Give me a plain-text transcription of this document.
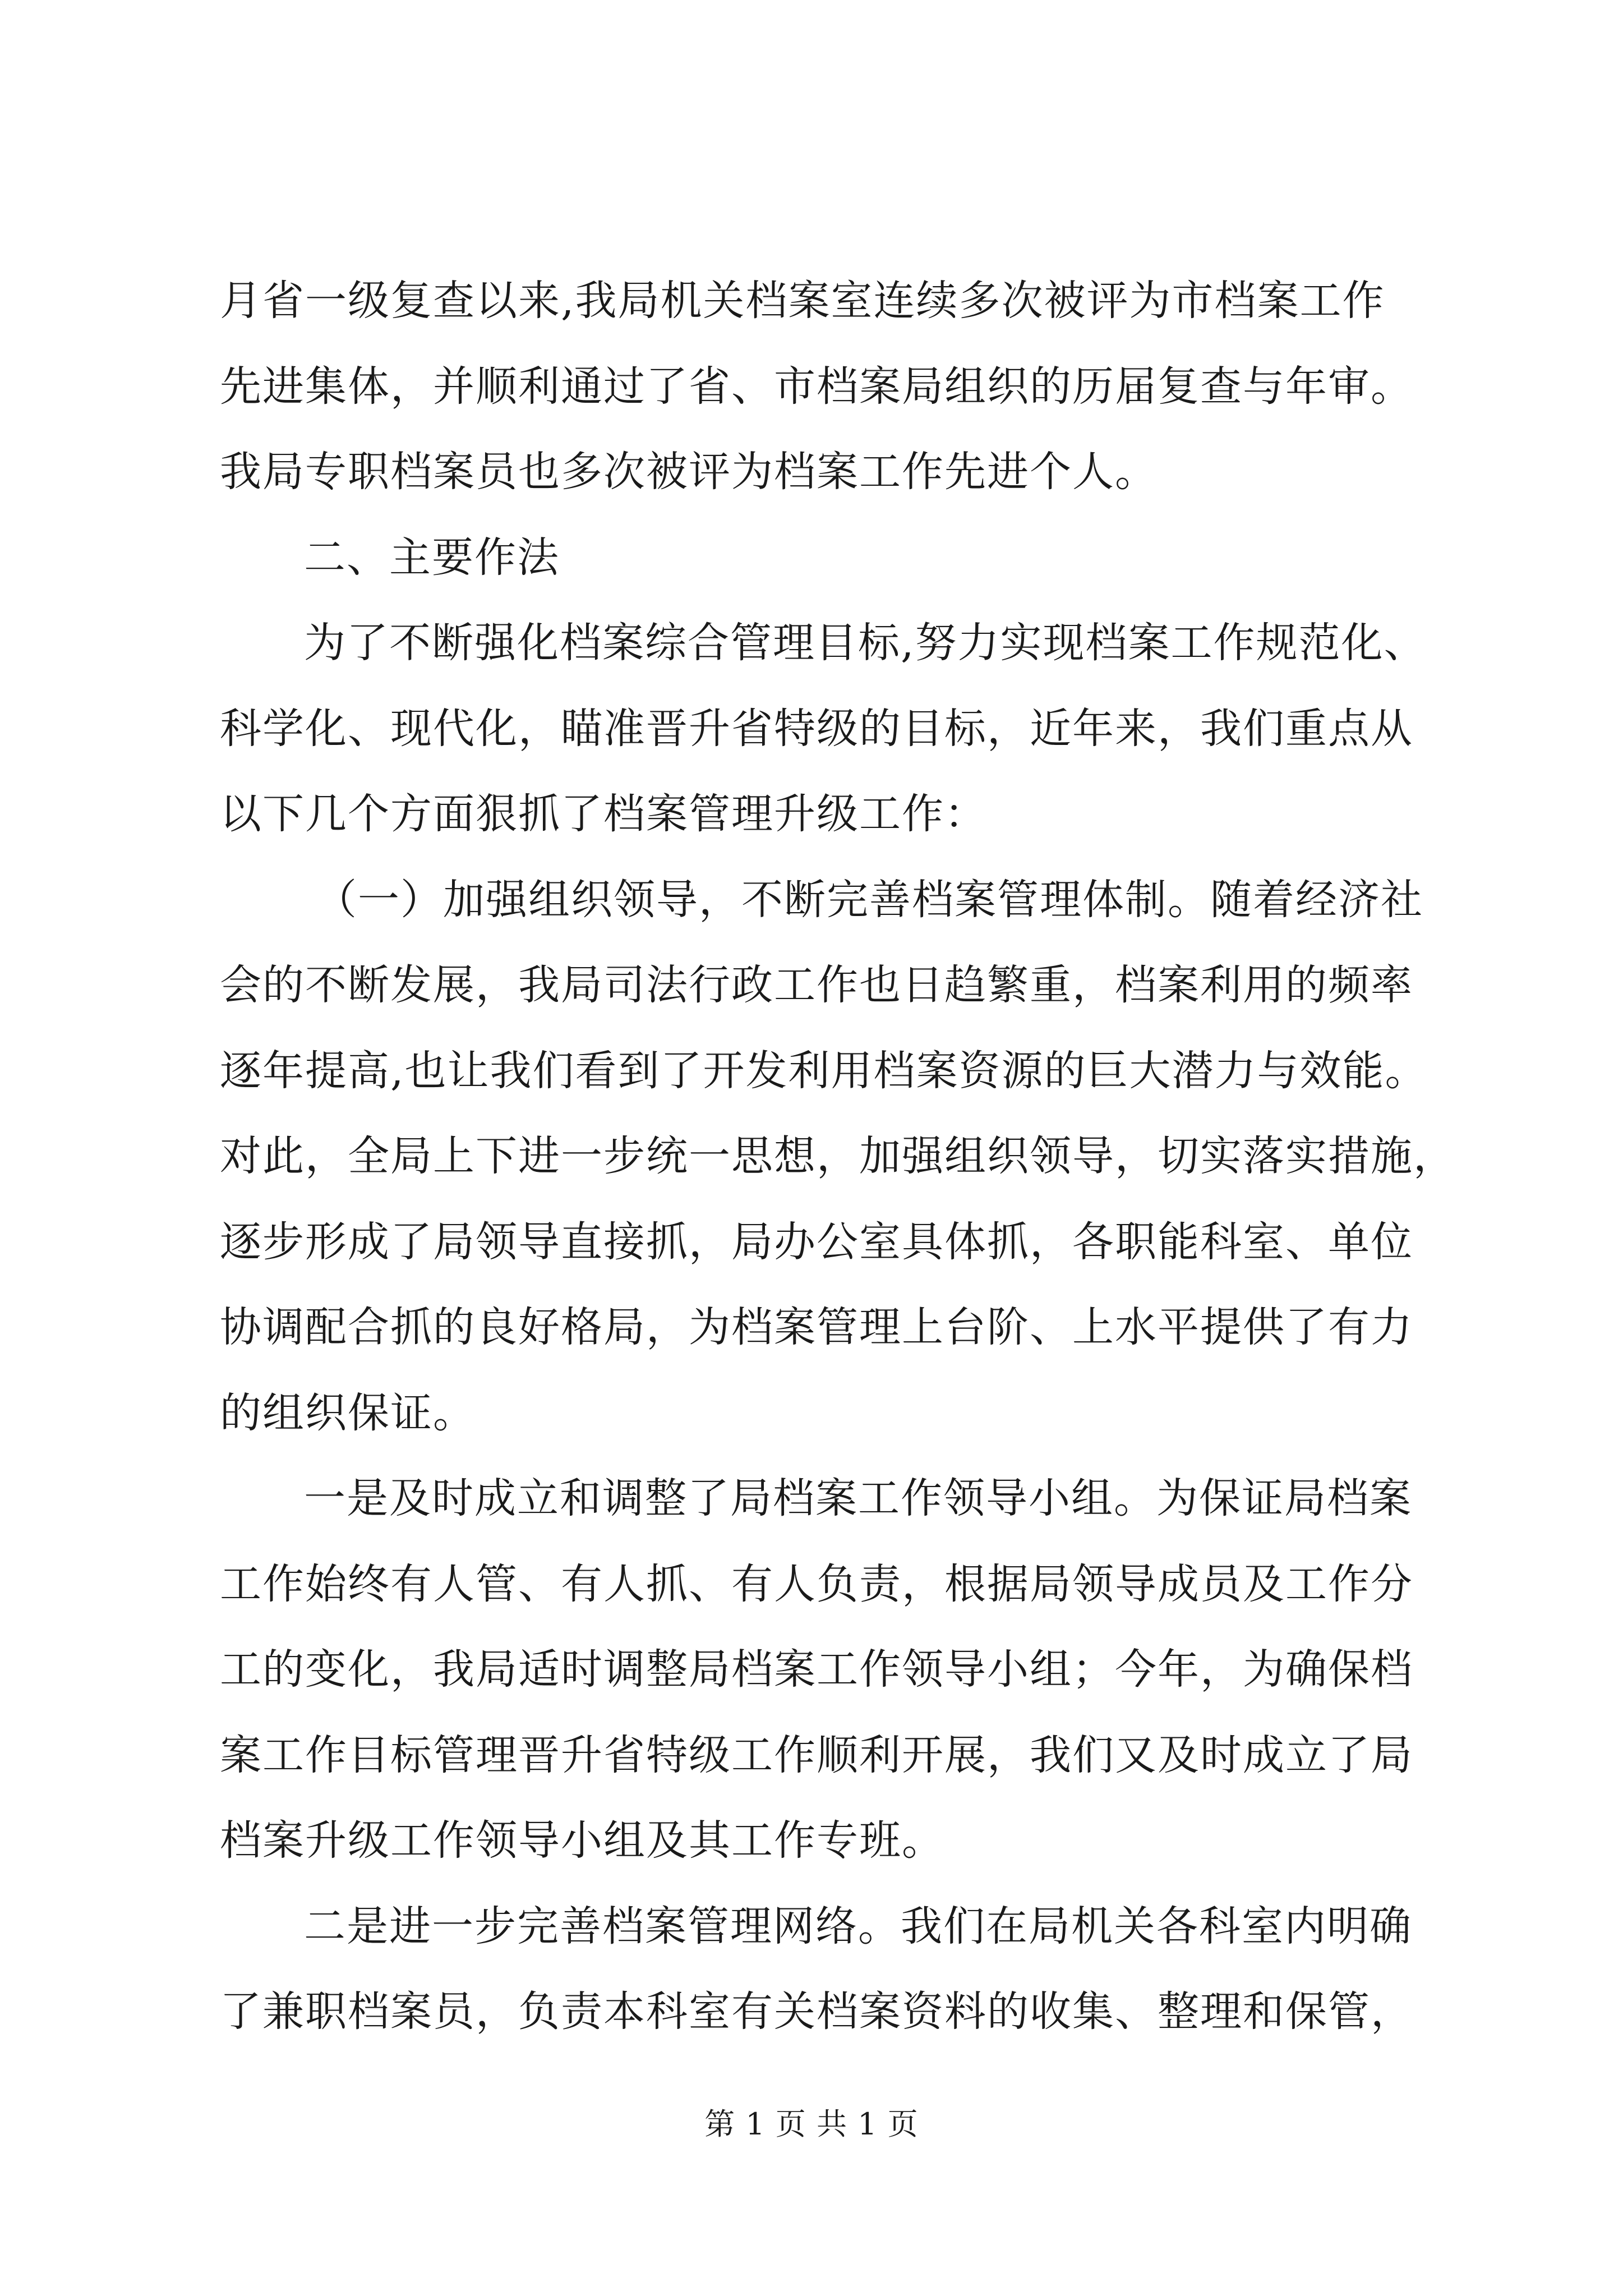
月省一级复查以来,我局机关档案室连续多次被评为市档案工作
先进集体，并顺利通过了省、市档案局组织的历届复查与年审。
我局专职档案员也多次被评为档案工作先进个人。
二、主要作法
为了不断强化档案综合管理目标,努力实现档案工作规范化、
科学化、现代化，瞄准晋升省特级的目标，近年来，我们重点从
以下几个方面狠抓了档案管理升级工作：
（一）加强组织领导，不断完善档案管理体制。随着经济社
会的不断发展，我局司法行政工作也日趋繁重，档案利用的频率
逐年提高,也让我们看到了开发利用档案资源的巨大潜力与效能。
对此，全局上下进一步统一思想，加强组织领导，切实落实措施，
逐步形成了局领导直接抓，局办公室具体抓，各职能科室、单位
协调配合抓的良好格局，为档案管理上台阶、上水平提供了有力
的组织保证。
一是及时成立和调整了局档案工作领导小组。为保证局档案
工作始终有人管、有人抓、有人负责，根据局领导成员及工作分
工的变化，我局适时调整局档案工作领导小组；今年，为确保档
案工作目标管理晋升省特级工作顺利开展，我们又及时成立了局
档案升级工作领导小组及其工作专班。
二是进一步完善档案管理网络。我们在局机关各科室内明确
了兼职档案员，负责本科室有关档案资料的收集、整理和保管，
第 1 页 共 1 页
